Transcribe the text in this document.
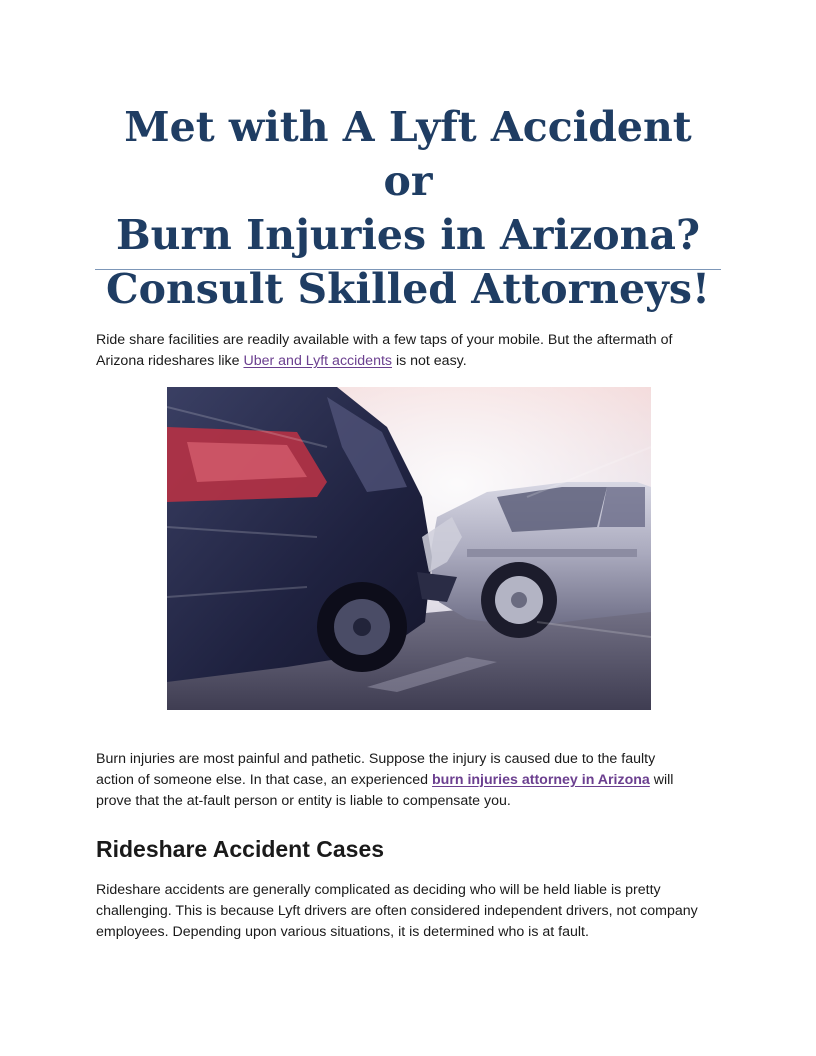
Met with A Lyft Accident or
Burn Injuries in Arizona?
Consult Skilled Attorneys!

Ride share facilities are readily available with a few taps of your mobile. But the aftermath of
Arizona rideshares like Uber and Lyft accidents is not easy.

Burn injuries are most painful and pathetic. Suppose the injury is caused due to the faulty
action of someone else. In that case, an experienced burn injuries attorney in Arizona will
prove that the at-fault person or entity is liable to compensate you.

Rideshare Accident Cases

Rideshare accidents are generally complicated as deciding who will be held liable is pretty
challenging. This is because Lyft drivers are often considered independent drivers, not company
employees. Depending upon various situations, it is determined who is at fault.
